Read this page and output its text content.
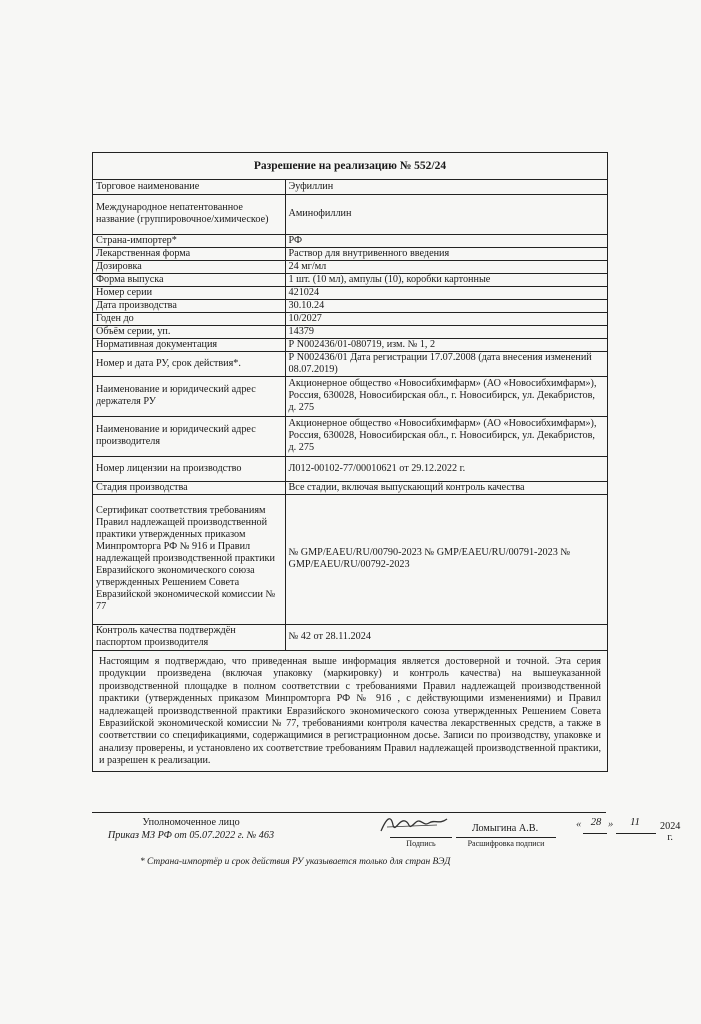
Разрешение на реализацию № 552/24
Торговое наименование	Эуфиллин
Международное непатентованное название (группировочное/химическое)	Аминофиллин
Страна-импортер*	РФ
Лекарственная форма	Раствор для внутривенного введения
Дозировка	24 мг/мл
Форма выпуска	1 шт. (10 мл), ампулы (10), коробки картонные
Номер серии	421024
Дата производства	30.10.24
Годен до	10/2027
Объём серии, уп.	14379
Нормативная документация	Р N002436/01-080719, изм. № 1, 2
Номер и дата РУ, срок действия*.	Р N002436/01 Дата регистрации 17.07.2008 (дата внесения изменений 08.07.2019)
Наименование и юридический адрес держателя РУ	Акционерное общество «Новосибхимфарм» (АО «Новосибхимфарм»), Россия, 630028, Новосибирская обл., г. Новосибирск, ул. Декабристов, д. 275
Наименование и юридический адрес производителя	Акционерное общество «Новосибхимфарм» (АО «Новосибхимфарм»), Россия, 630028, Новосибирская обл., г. Новосибирск, ул. Декабристов, д. 275
Номер лицензии на производство	Л012-00102-77/00010621 от 29.12.2022 г.
Стадия производства	Все стадии, включая выпускающий контроль качества
Сертификат соответствия требованиям Правил надлежащей производственной практики утвержденных приказом Минпромторга РФ № 916 и Правил надлежащей производственной практики Евразийского экономического союза утвержденных Решением Совета Евразийской экономической комиссии № 77	№ GMP/EAEU/RU/00790-2023 № GMP/EAEU/RU/00791-2023 № GMP/EAEU/RU/00792-2023
Контроль качества подтверждён паспортом производителя	№ 42 от 28.11.2024
Настоящим я подтверждаю, что приведенная выше информация является достоверной и точной. Эта серия продукции произведена (включая упаковку (маркировку) и контроль качества) на вышеуказанной производственной площадке в полном соответствии с требованиями Правил надлежащей производственной практики (утвержденных приказом Минпромторга РФ № 916 , с действующими изменениями) и Правил надлежащей производственной практики Евразийского экономического союза утвержденных Решением Совета Евразийской экономической комиссии № 77, требованиями контроля качества лекарственных средств, а также в соответствии со спецификациями, содержащимися в регистрационном досье. Записи по производству, упаковке и анализу проверены, и установлено их соответствие требованиям Правил надлежащей производственной практики, и разрешен к реализации.
Уполномоченное лицо
Приказ МЗ РФ от 05.07.2022 г. № 463
Подпись
Ломыгина А.В.
Расшифровка подписи
« 28 »	11	2024 г.
* Страна-импортёр и срок действия РУ указывается только для стран ВЭД
